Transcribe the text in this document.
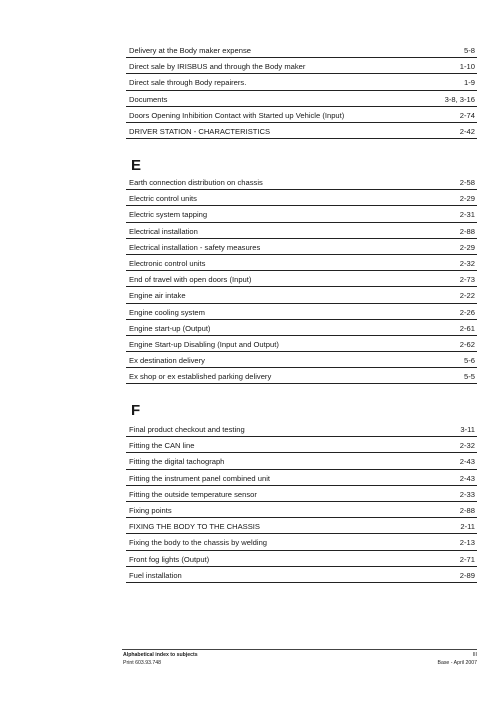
Delivery at the Body maker expense	5-8
Direct sale by IRISBUS and through the Body maker	1-10
Direct sale through Body repairers.	1-9
Documents	3-8, 3-16
Doors Opening Inhibition Contact with Started up Vehicle (Input)	2-74
DRIVER STATION - CHARACTERISTICS	2-42
E
Earth connection distribution on chassis	2-58
Electric control units	2-29
Electric system tapping	2-31
Electrical installation	2-88
Electrical installation - safety measures	2-29
Electronic control units	2-32
End of travel with open doors (Input)	2-73
Engine air intake	2-22
Engine cooling system	2-26
Engine start-up (Output)	2-61
Engine Start-up Disabling (Input and Output)	2-62
Ex destination delivery	5-6
Ex shop or ex established parking delivery	5-5
F
Final product checkout and testing	3-11
Fitting the CAN line	2-32
Fitting the digital tachograph	2-43
Fitting the instrument panel combined unit	2-43
Fitting the outside temperature sensor	2-33
Fixing points	2-88
FIXING THE BODY TO THE CHASSIS	2-11
Fixing the body to the chassis by welding	2-13
Front fog lights (Output)	2-71
Fuel installation	2-89
Alphabetical index to subjects
Print 603.93.748
III
Base - April 2007
